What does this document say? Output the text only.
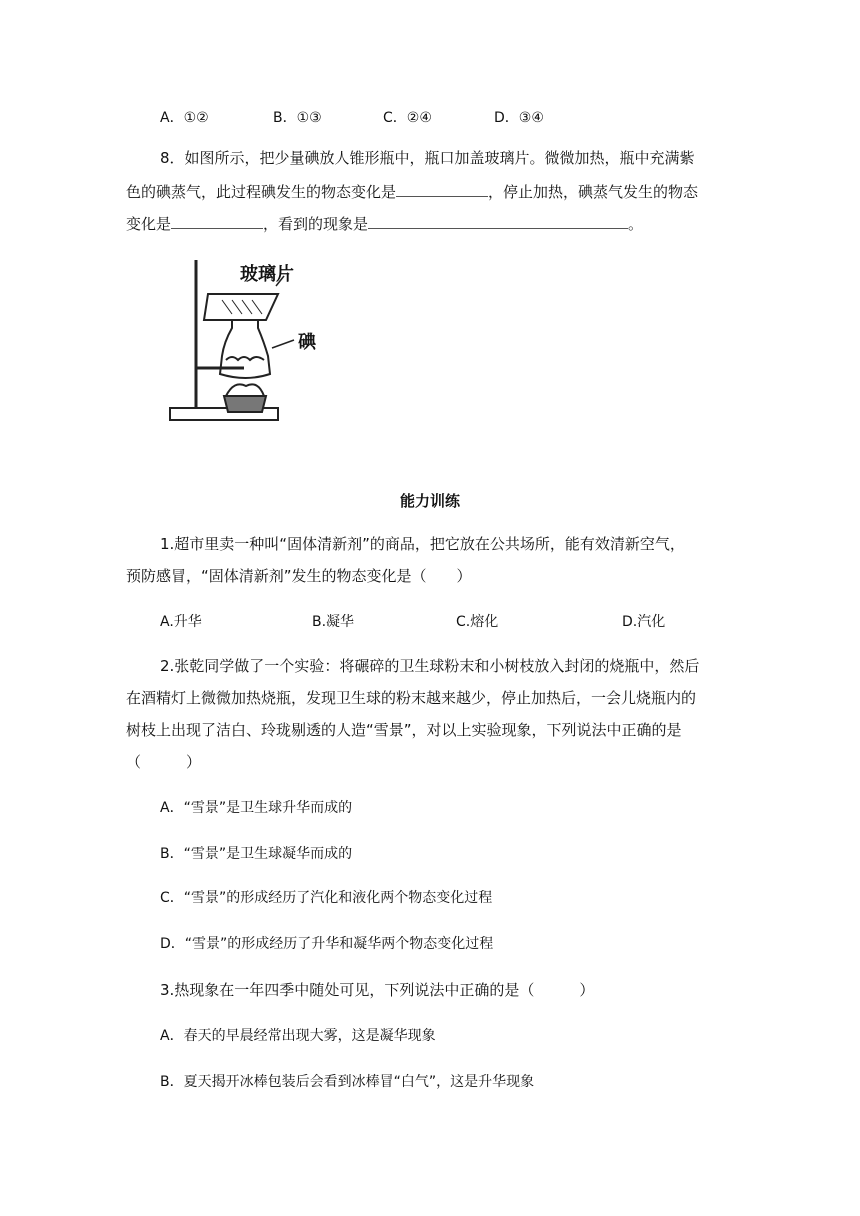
A．①②	B．①③	C．②④	D．③④
8．如图所示，把少量碘放人锥形瓶中，瓶口加盖玻璃片。微微加热，瓶中充满紫
色的碘蒸气，此过程碘发生的物态变化是	，停止加热，碘蒸气发生的物态
变化是	，看到的现象是	。
玻璃片
碘
能力训练
1.超市里卖一种叫“固体清新剂”的商品，把它放在公共场所，能有效清新空气，
预防感冒，“固体清新剂”发生的物态变化是（　　）
A.升华	B.凝华	C.熔化	D.汽化
2.张乾同学做了一个实验：将碾碎的卫生球粉末和小树枝放入封闭的烧瓶中，然后
在酒精灯上微微加热烧瓶，发现卫生球的粉末越来越少，停止加热后，一会儿烧瓶内的
树枝上出现了洁白、玲珑剔透的人造“雪景”，对以上实验现象，下列说法中正确的是
（　　　）
A．“雪景”是卫生球升华而成的
B．“雪景”是卫生球凝华而成的
C．“雪景”的形成经历了汽化和液化两个物态变化过程
D．“雪景”的形成经历了升华和凝华两个物态变化过程
3.热现象在一年四季中随处可见，下列说法中正确的是（　　　）
A．春天的早晨经常出现大雾，这是凝华现象
B．夏天揭开冰棒包装后会看到冰棒冒“白气”，这是升华现象
